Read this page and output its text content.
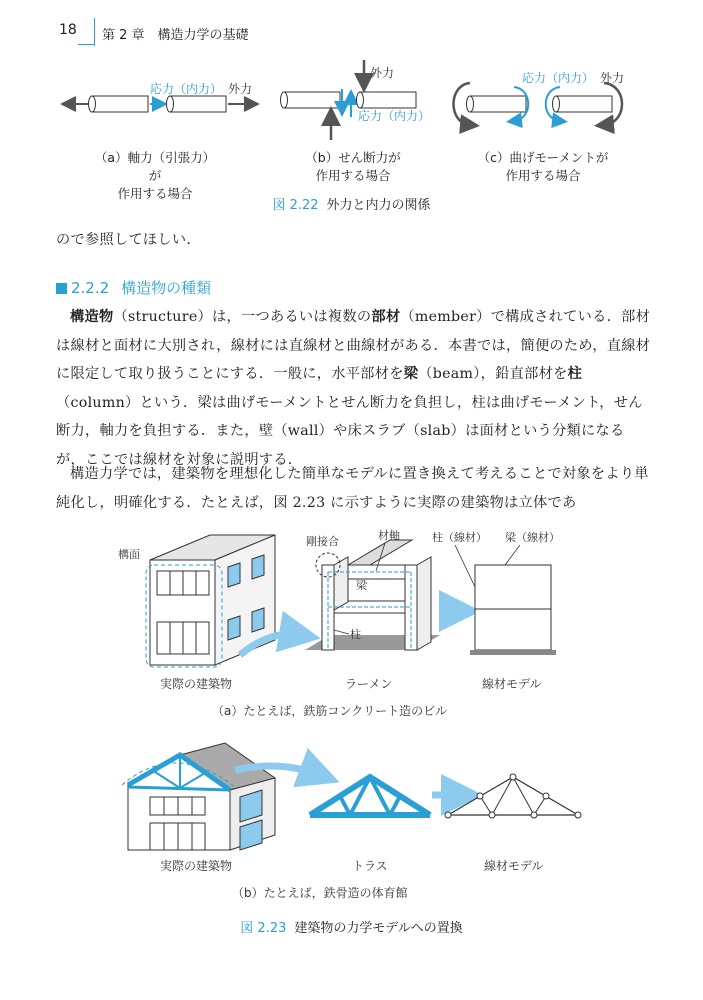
18 第 2 章　構造力学の基礎
応力（内力） 外力
外力
応力（内力）
応力（内力） 外力
（a）軸力（引張力）が
作用する場合
（b）せん断力が
作用する場合
（c）曲げモーメントが
作用する場合
図 2.22 外力と内力の関係
ので参照してほしい．
2.2.2 構造物の種類
構造物（structure）は，一つあるいは複数の部材（member）で構成されている．部材は線材と面材に大別され，線材には直線材と曲線材がある．本書では，簡便のため，直線材に限定して取り扱うことにする．一般に，水平部材を梁（beam），鉛直部材を柱（column）という．梁は曲げモーメントとせん断力を負担し，柱は曲げモーメント，せん断力，軸力を負担する．また，壁（wall）や床スラブ（slab）は面材という分類になるが，ここでは線材を対象に説明する．
構造力学では，建築物を理想化した簡単なモデルに置き換えて考えることで対象をより単純化し，明確化する．たとえば，図 2.23 に示すように実際の建築物は立体であ
構面
剛接合	材軸
梁
柱
柱（線材） 梁（線材）
実際の建築物	ラーメン	線材モデル
（a）たとえば，鉄筋コンクリート造のビル
実際の建築物	トラス	線材モデル
（b）たとえば，鉄骨造の体育館
図 2.23 建築物の力学モデルへの置換
